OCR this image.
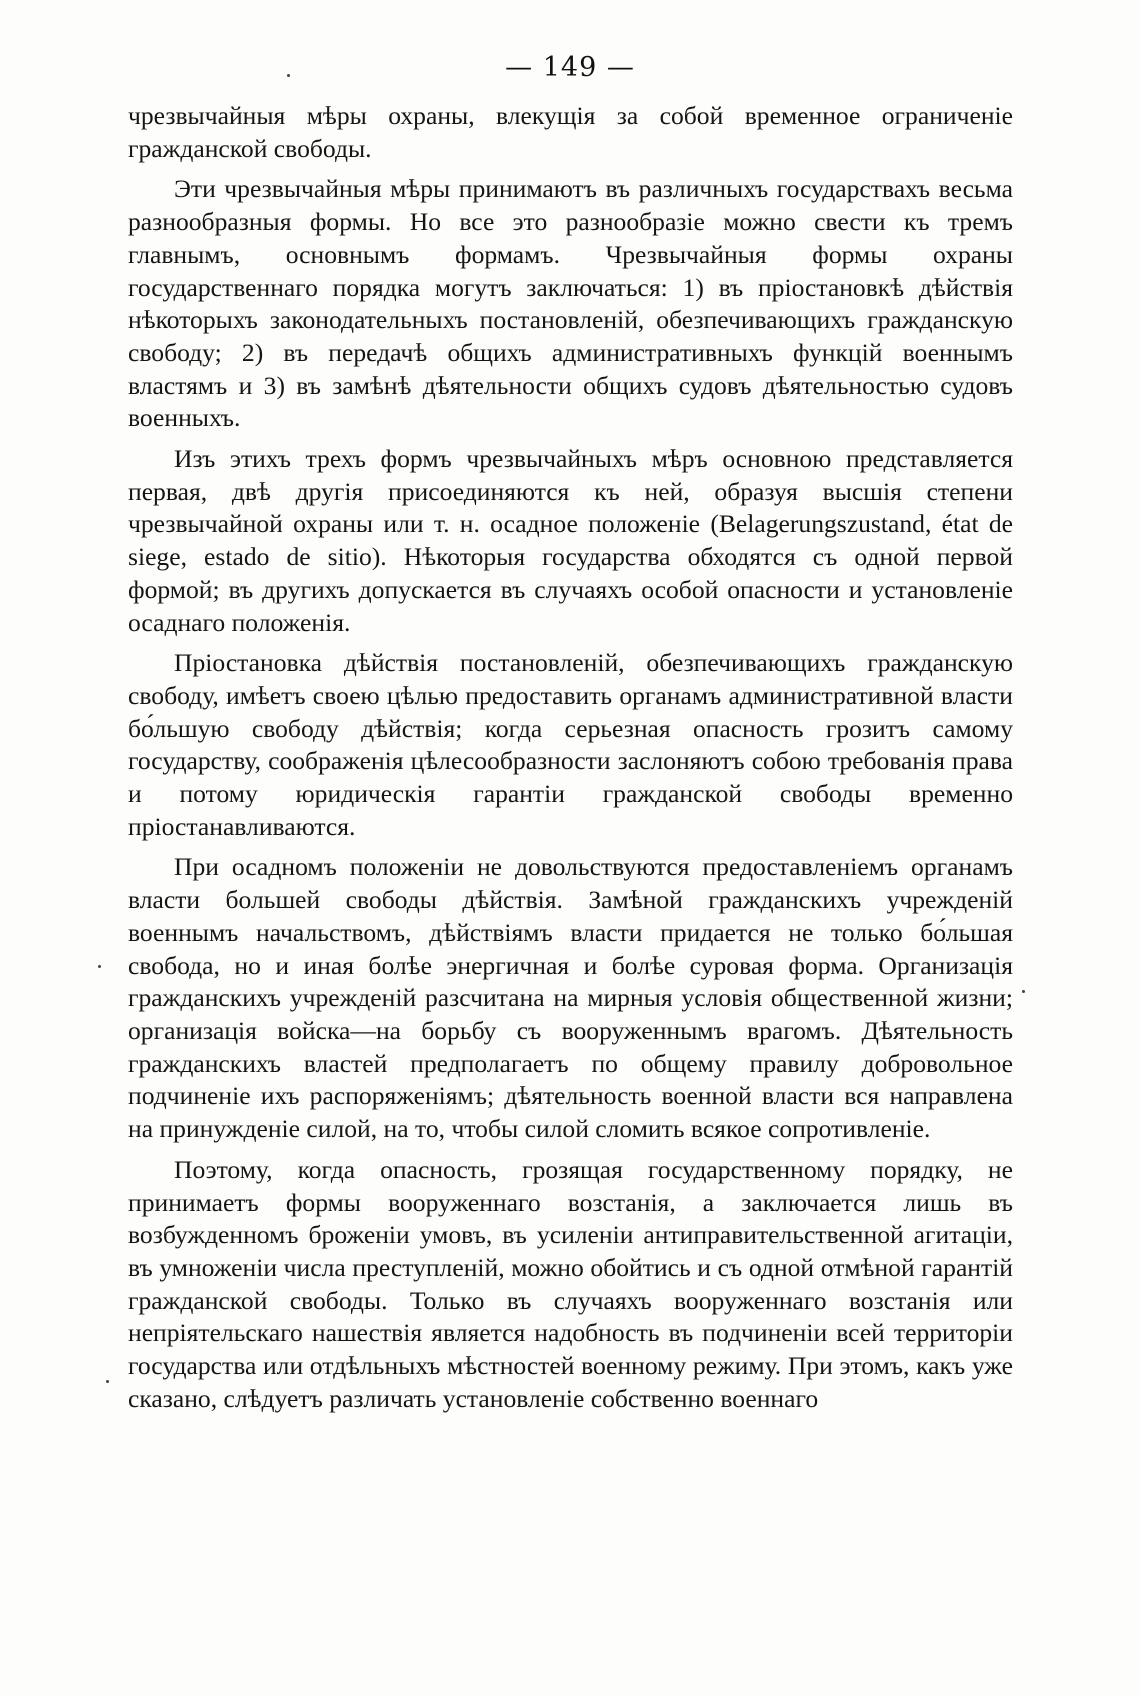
— 149 —

чрезвычайныя мѣры охраны, влекущія за собой временное ограниченіе гражданской свободы.

Эти чрезвычайныя мѣры принимаютъ въ различныхъ государствахъ весьма разнообразныя формы. Но все это разнообразіе можно свести къ тремъ главнымъ, основнымъ формамъ. Чрезвычайныя формы охраны государственнаго порядка могутъ заключаться: 1) въ пріостановкѣ дѣйствія нѣкоторыхъ законодательныхъ постановленій, обезпечивающихъ гражданскую свободу; 2) въ передачѣ общихъ административныхъ функцій военнымъ властямъ и 3) въ замѣнѣ дѣятельности общихъ судовъ дѣятельностью судовъ военныхъ.

Изъ этихъ трехъ формъ чрезвычайныхъ мѣръ основною представляется первая, двѣ другія присоединяются къ ней, образуя высшія степени чрезвычайной охраны или т. н. осадное положеніе (Belagerungszustand, état de siege, estado de sitio). Нѣкоторыя государства обходятся съ одной первой формой; въ другихъ допускается въ случаяхъ особой опасности и установленіе осаднаго положенія.

Пріостановка дѣйствія постановленій, обезпечивающихъ гражданскую свободу, имѣетъ своею цѣлью предоставить органамъ административной власти бо́льшую свободу дѣйствія; когда серьезная опасность грозитъ самому государству, соображенія цѣлесообразности заслоняютъ собою требованія права и потому юридическія гарантіи гражданской свободы временно пріостанавливаются.

При осадномъ положеніи не довольствуются предоставленіемъ органамъ власти большей свободы дѣйствія. Замѣной гражданскихъ учрежденій военнымъ начальствомъ, дѣйствіямъ власти придается не только бо́льшая свобода, но и иная болѣе энергичная и болѣе суровая форма. Организація гражданскихъ учрежденій разсчитана на мирныя условія общественной жизни; организація войска—на борьбу съ вооруженнымъ врагомъ. Дѣятельность гражданскихъ властей предполагаетъ по общему правилу добровольное подчиненіе ихъ распоряженіямъ; дѣятельность военной власти вся направлена на принужденіе силой, на то, чтобы силой сломить всякое сопротивленіе.

Поэтому, когда опасность, грозящая государственному порядку, не принимаетъ формы вооруженнаго возстанія, а заключается лишь въ возбужденномъ броженіи умовъ, въ усиленіи антиправительственной агитаціи, въ умноженіи числа преступленій, можно обойтись и съ одной отмѣной гарантій гражданской свободы. Только въ случаяхъ вооруженнаго возстанія или непріятельскаго нашествія является надобность въ подчиненіи всей территоріи государства или отдѣльныхъ мѣстностей военному режиму. При этомъ, какъ уже сказано, слѣдуетъ различать установленіе собственно военнаго
